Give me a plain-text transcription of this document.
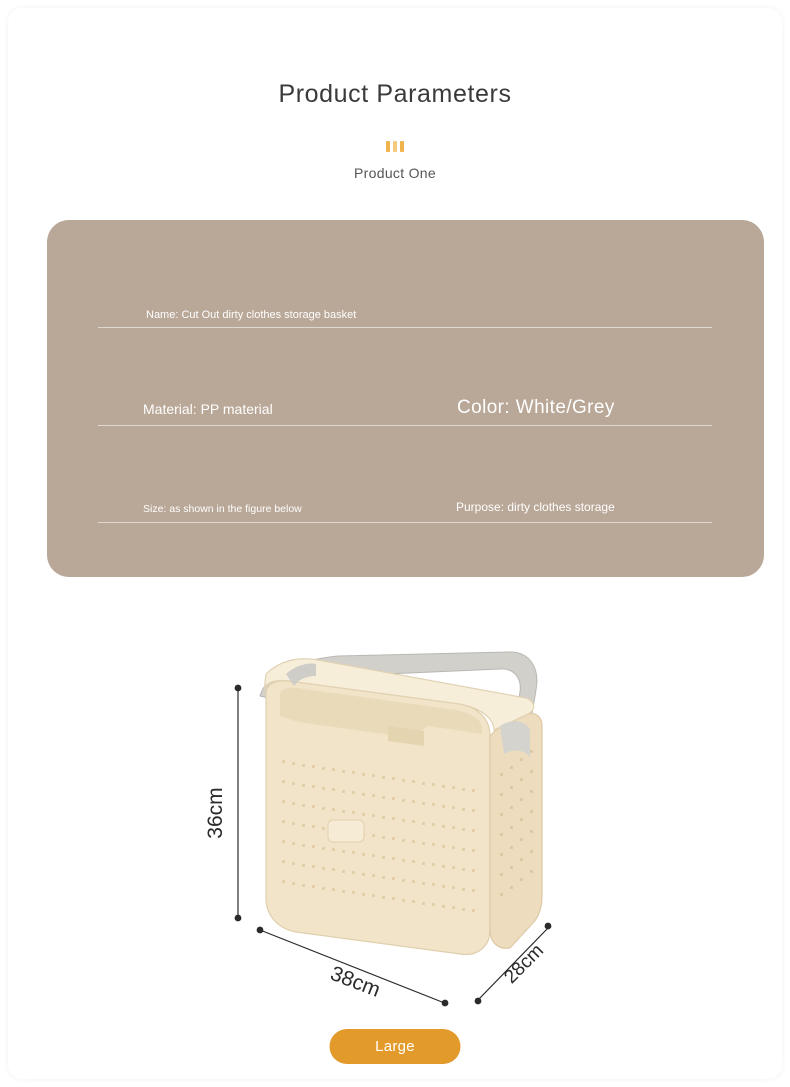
Product Parameters
Product One
Name: Cut Out dirty clothes storage basket
Material: PP material	Color: White/Grey
Size: as shown in the figure below	Purpose: dirty clothes storage
36cm
38cm	28cm
Large
